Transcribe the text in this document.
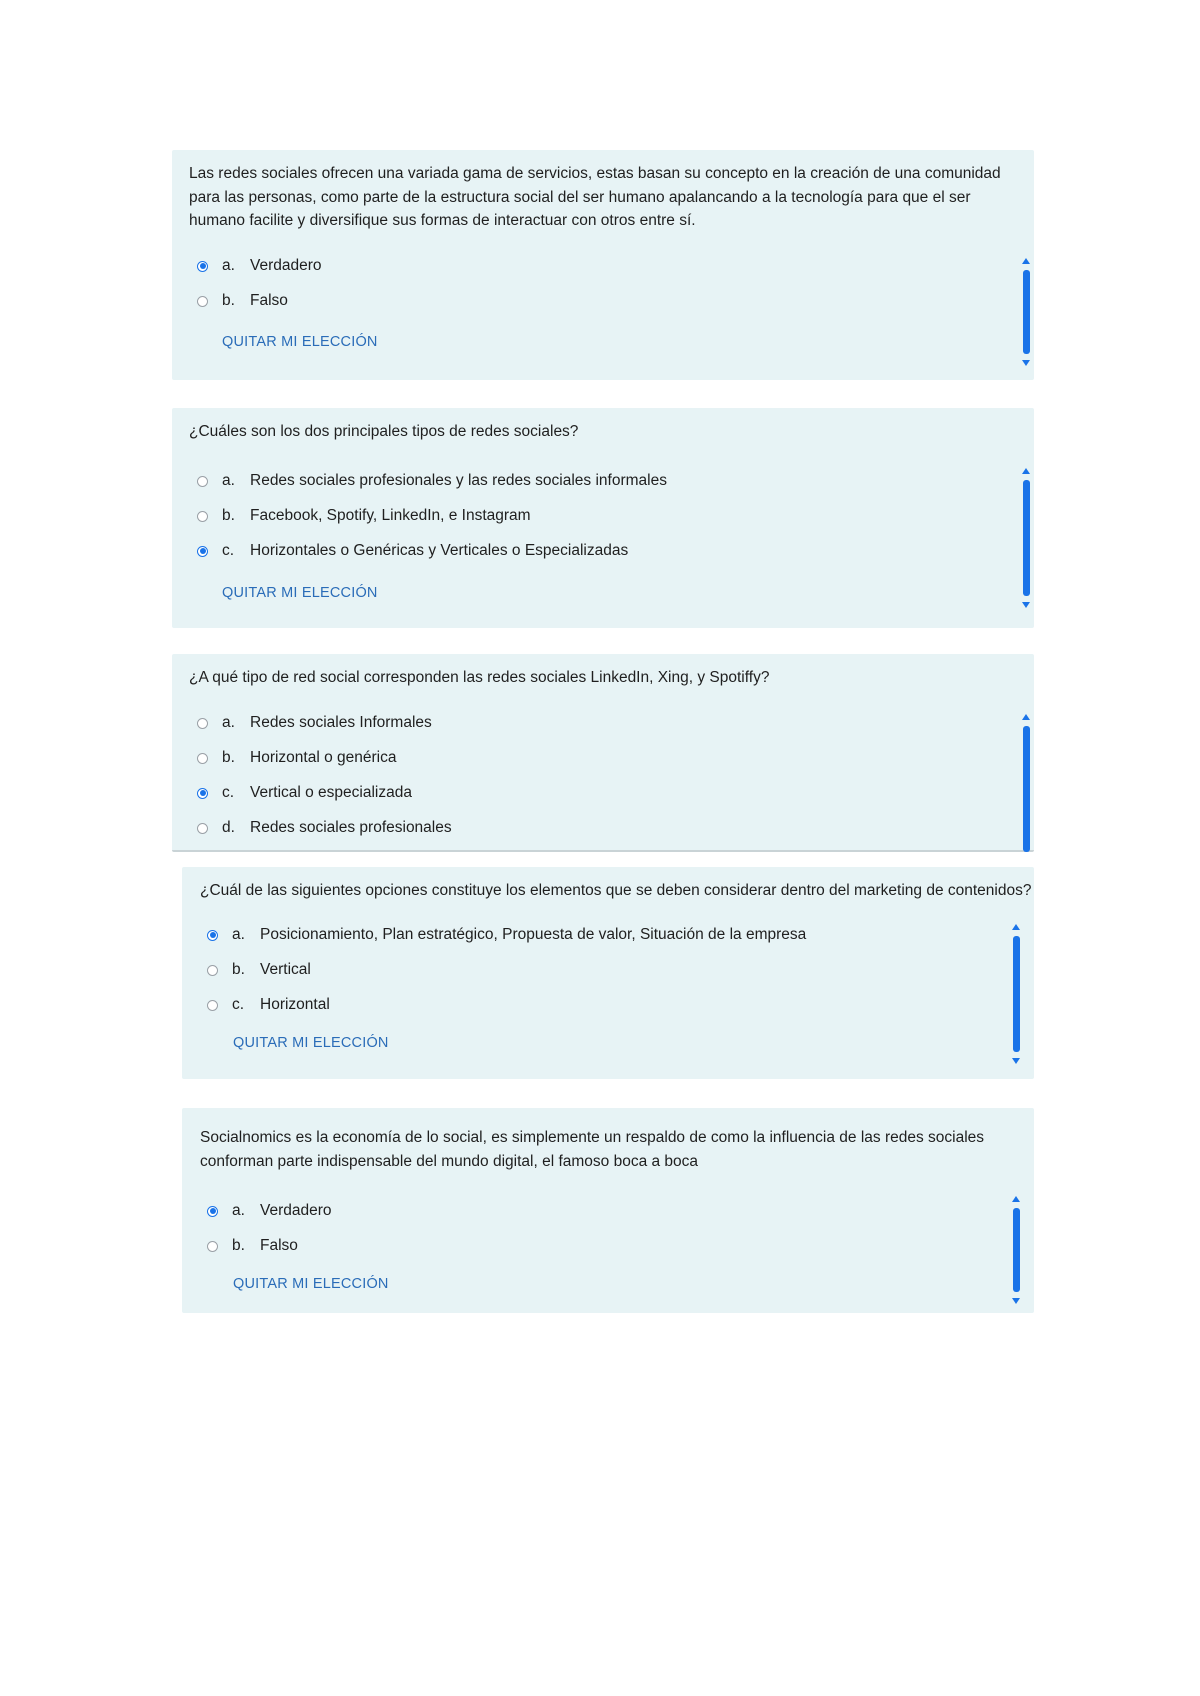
Las redes sociales ofrecen una variada gama de servicios, estas basan su concepto en la creación de una comunidad para las personas, como parte de la estructura social del ser humano apalancando a la tecnología para que el ser humano facilite y diversifique sus formas de interactuar con otros entre sí.
a. Verdadero
b. Falso
QUITAR MI ELECCIÓN
¿Cuáles son los dos principales tipos de redes sociales?
a. Redes sociales profesionales y las redes sociales informales
b. Facebook, Spotify, LinkedIn, e Instagram
c.	Horizontales o Genéricas y Verticales o Especializadas
QUITAR MI ELECCIÓN
¿A qué tipo de red social corresponden las redes sociales LinkedIn, Xing, y Spotiffy?
a. Redes sociales Informales
b. Horizontal o genérica
c.	Vertical o especializada
d. Redes sociales profesionales
¿Cuál de las siguientes opciones constituye los elementos que se deben considerar dentro del marketing de contenidos?
a. Posicionamiento, Plan estratégico, Propuesta de valor, Situación de la empresa
b. Vertical
c.	Horizontal
QUITAR MI ELECCIÓN
Socialnomics es la economía de lo social, es simplemente un respaldo de como la influencia de las redes sociales conforman parte indispensable del mundo digital, el famoso boca a boca
a. Verdadero
b. Falso
QUITAR MI ELECCIÓN
